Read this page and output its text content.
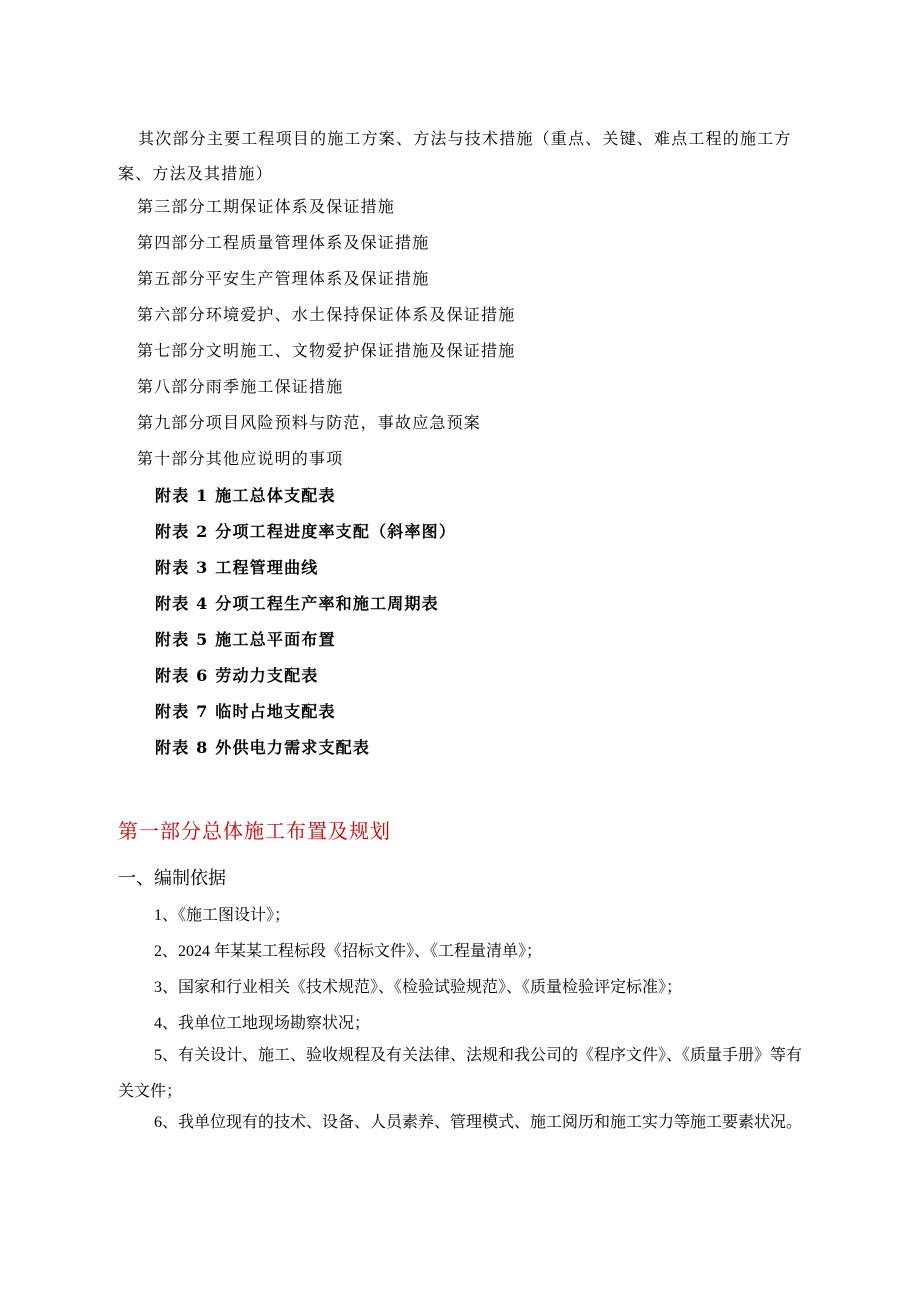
其次部分主要工程项目的施工方案、方法与技术措施（重点、关键、难点工程的施工方案、方法及其措施）
第三部分工期保证体系及保证措施
第四部分工程质量管理体系及保证措施
第五部分平安生产管理体系及保证措施
第六部分环境爱护、水土保持保证体系及保证措施
第七部分文明施工、文物爱护保证措施及保证措施
第八部分雨季施工保证措施
第九部分项目风险预料与防范，事故应急预案
第十部分其他应说明的事项
附表 1 施工总体支配表
附表 2 分项工程进度率支配（斜率图）
附表 3 工程管理曲线
附表 4 分项工程生产率和施工周期表
附表 5 施工总平面布置
附表 6 劳动力支配表
附表 7 临时占地支配表
附表 8 外供电力需求支配表
第一部分总体施工布置及规划
一、编制依据
1、《施工图设计》；
2、2024 年某某工程标段《招标文件》、《工程量清单》；
3、国家和行业相关《技术规范》、《检验试验规范》、《质量检验评定标准》；
4、我单位工地现场勘察状况；
5、有关设计、施工、验收规程及有关法律、法规和我公司的《程序文件》、《质量手册》等有关文件；
6、我单位现有的技术、设备、人员素养、管理模式、施工阅历和施工实力等施工要素状况。
